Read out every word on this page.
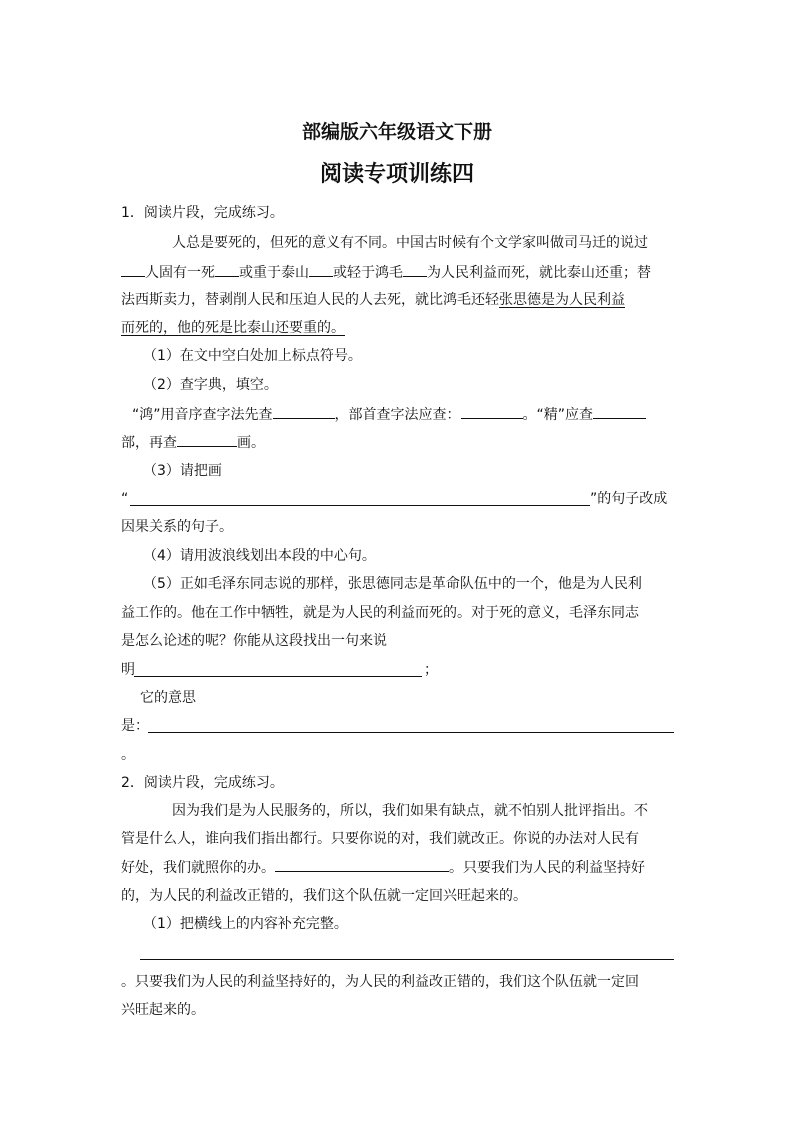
部编版六年级语文下册
阅读专项训练四
1．阅读片段，完成练习。
人总是要死的，但死的意义有不同。中国古时候有个文学家叫做司马迁的说过
人固有一死 或重于泰山 或轻于鸿毛 为人民利益而死，就比泰山还重；替
法西斯卖力，替剥削人民和压迫人民的人去死，就比鸿毛还轻张思德是为人民利益
而死的，他的死是比泰山还要重的。
（1）在文中空白处加上标点符号。
（2）查字典，填空。
“鸿”用音序查字法先查	，部首查字法应查：	。“精”应查
部，再查	画。
（3）请把画
“	”的句子改成
因果关系的句子。
（4）请用波浪线划出本段的中心句。
（5）正如毛泽东同志说的那样，张思德同志是革命队伍中的一个，他是为人民利
益工作的。他在工作中牺牲，就是为人民的利益而死的。对于死的意义，毛泽东同志
是怎么论述的呢？你能从这段找出一句来说
明	；
它的意思
是：
。
2．阅读片段，完成练习。
因为我们是为人民服务的，所以，我们如果有缺点，就不怕别人批评指出。不
管是什么人，谁向我们指出都行。只要你说的对，我们就改正。你说的办法对人民有
好处，我们就照你的办。	。只要我们为人民的利益坚持好
的，为人民的利益改正错的，我们这个队伍就一定回兴旺起来的。
（1）把横线上的内容补充完整。
。只要我们为人民的利益坚持好的，为人民的利益改正错的，我们这个队伍就一定回
兴旺起来的。
